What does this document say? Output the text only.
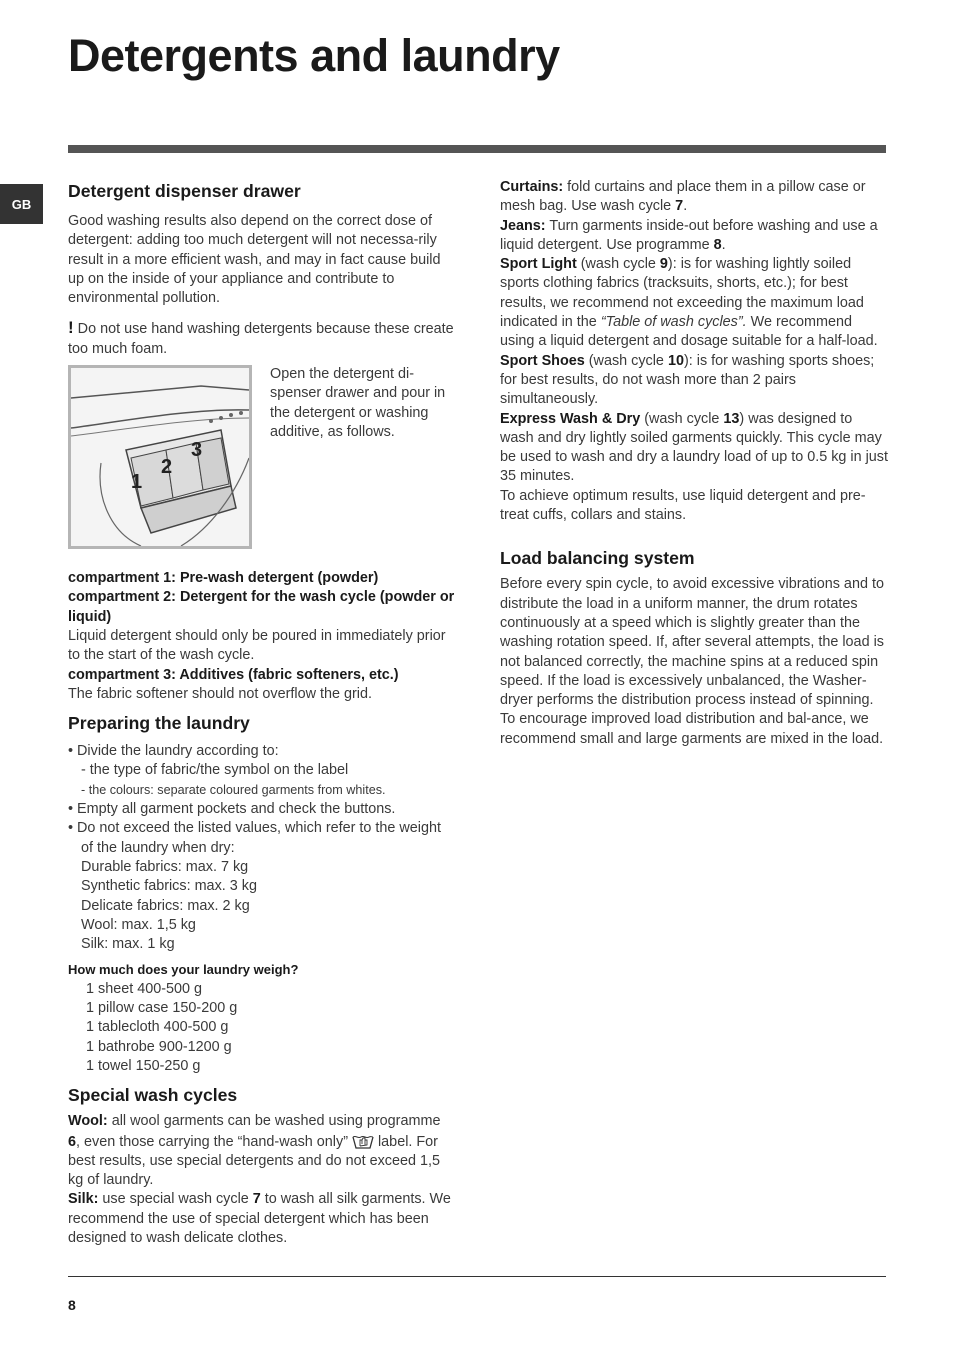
Detergents and laundry
GB
Detergent dispenser drawer

Good washing results also depend on the correct dose of detergent: adding too much detergent will not necessa-rily result in a more efficient wash, and may in fact cause build up on the inside of your appliance and contribute to environmental pollution.

! Do not use hand washing detergents because these create too much foam.

1
2
3

Open the detergent di-spenser drawer and pour in the detergent or washing additive, as follows.

compartment 1: Pre-wash detergent (powder)

compartment 2: Detergent for the wash cycle (powder or liquid)

Liquid detergent should only be poured in immediately prior to the start of the wash cycle.

compartment 3: Additives (fabric softeners, etc.)

The fabric softener should not overflow the grid.

Preparing the laundry

• Divide the laundry according to:

- the type of fabric/the symbol on the label

- the colours: separate coloured garments from whites.

• Empty all garment pockets and check the buttons.

• Do not exceed the listed values, which refer to the weight

of the laundry when dry:

Durable fabrics: max. 7 kg

Synthetic fabrics: max. 3 kg

Delicate fabrics: max. 2 kg

Wool: max. 1,5 kg

Silk: max. 1 kg

How much does your laundry weigh?

1 sheet 400-500 g

1 pillow case 150-200 g

1 tablecloth 400-500 g

1 bathrobe 900-1200 g

1 towel 150-250 g

Special wash cycles

Wool: all wool garments can be washed using programme 6, even those carrying the “hand-wash only” label. For best results, use special detergents and do not exceed 1,5 kg of laundry.

Silk: use special wash cycle 7 to wash all silk garments. We recommend the use of special detergent which has been designed to wash delicate clothes.

Curtains: fold curtains and place them in a pillow case or mesh bag. Use wash cycle 7.

Jeans: Turn garments inside-out before washing and use a liquid detergent. Use programme 8.

Sport Light (wash cycle 9): is for washing lightly soiled sports clothing fabrics (tracksuits, shorts, etc.); for best results, we recommend not exceeding the maximum load indicated in the “Table of wash cycles”. We recommend using a liquid detergent and dosage suitable for a half-load.

Sport Shoes (wash cycle 10): is for washing sports shoes; for best results, do not wash more than 2 pairs simultaneously.

Express Wash & Dry (wash cycle 13) was designed to wash and dry lightly soiled garments quickly. This cycle may be used to wash and dry a laundry load of up to 0.5 kg in just 35 minutes.

To achieve optimum results, use liquid detergent and pre-treat cuffs, collars and stains.

Load balancing system

Before every spin cycle, to avoid excessive vibrations and to distribute the load in a uniform manner, the drum rotates continuously at a speed which is slightly greater than the washing rotation speed. If, after several attempts, the load is not balanced correctly, the machine spins at a reduced spin speed. If the load is excessively unbalanced, the Washer-dryer performs the distribution process instead of spinning. To encourage improved load distribution and bal-ance, we recommend small and large garments are mixed in the load.

8
